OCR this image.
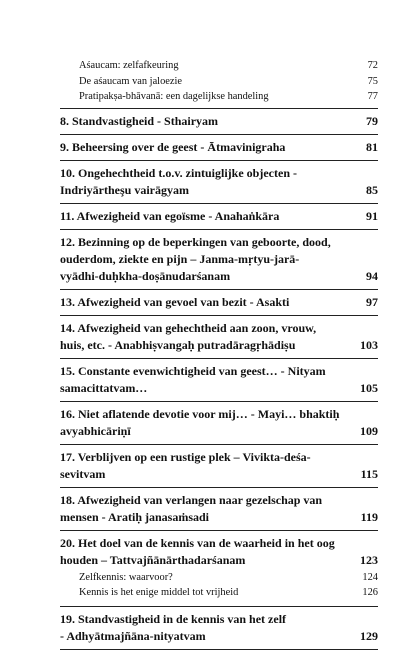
Aśaucam: zelfafkeuring	72
De aśaucam van jaloezie	75
Pratipakṣa-bhāvanā: een dagelijkse handeling	77
8. Standvastigheid - Sthairyam	79
9. Beheersing over de geest - Ātmavinigraha	81
10. Ongehechtheid t.o.v. zintuiglijke objecten -
Indriyārtheşu vairāgyam	85
11. Afwezigheid van egoïsme - Anahaṅkāra	91
12. Bezinning op de beperkingen van geboorte, dood,
ouderdom, ziekte en pijn – Janma-mṛtyu-jarā-
vyādhi-duḥkha-doṣānudarśanam	94
13. Afwezigheid van gevoel van bezit - Asakti	97
14. Afwezigheid van gehechtheid aan zoon, vrouw,
huis, etc. - Anabhiṣvangaḥ putradāragṛhādiṣu	103
15. Constante evenwichtigheid van geest… - Nityam
samacittatvam…	105
16. Niet aflatende devotie voor mij… - Mayi… bhaktiḥ
avyabhicāriṇī	109
17. Verblijven op een rustige plek – Vivikta-deśa-
sevitvam	115
18. Afwezigheid van verlangen naar gezelschap van
mensen - Aratiḥ janasaṁsadi	119
20. Het doel van de kennis van de waarheid in het oog
houden – Tattvajñānārthadarśanam	123
Zelfkennis: waarvoor?	124
Kennis is het enige middel tot vrijheid	126
19. Standvastigheid in de kennis van het zelf
- Adhyātmajñāna-nityatvam	129
